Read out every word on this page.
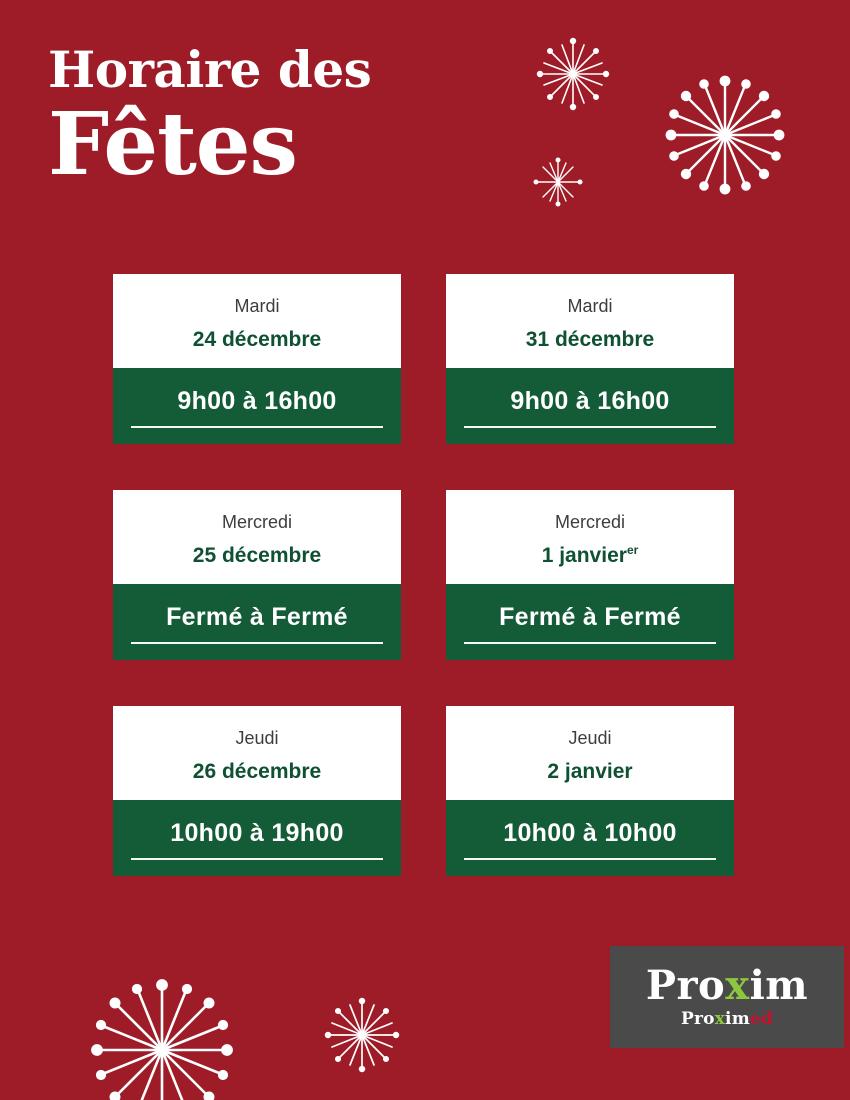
Horaire des
Fêtes
Mardi
24 décembre
9h00 à 16h00
Mardi
31 décembre
9h00 à 16h00
Mercredi
25 décembre
Fermé à Fermé
Mercredi
1 janvier$^{er}$
Fermé à Fermé
Jeudi
26 décembre
10h00 à 19h00
Jeudi
2 janvier
10h00 à 10h00
Proxim
Proximed
